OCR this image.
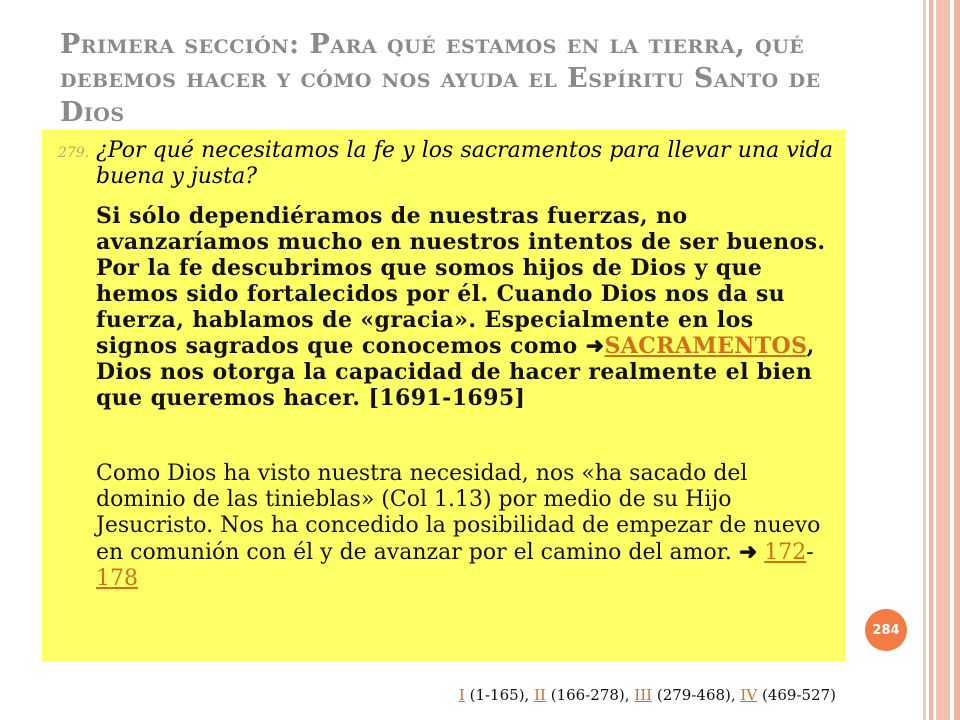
Primera sección: Para qué estamos en la tierra, qué debemos hacer y cómo nos ayuda el Espíritu Santo de Dios
279. ¿Por qué necesitamos la fe y los sacramentos para llevar una vida buena y justa?
Si sólo dependiéramos de nuestras fuerzas, no avanzaríamos mucho en nuestros intentos de ser buenos. Por la fe descubrimos que somos hijos de Dios y que hemos sido fortalecidos por él. Cuando Dios nos da su fuerza, hablamos de «gracia». Especialmente en los signos sagrados que conocemos como ➜SACRAMENTOS, Dios nos otorga la capacidad de hacer realmente el bien que queremos hacer. [1691-1695]
Como Dios ha visto nuestra necesidad, nos «ha sacado del dominio de las tinieblas» (Col 1.13) por medio de su Hijo Jesucristo. Nos ha concedido la posibilidad de empezar de nuevo en comunión con él y de avanzar por el camino del amor. ➜ 172-178
284
I (1-165), II (166-278), III (279-468), IV (469-527)
